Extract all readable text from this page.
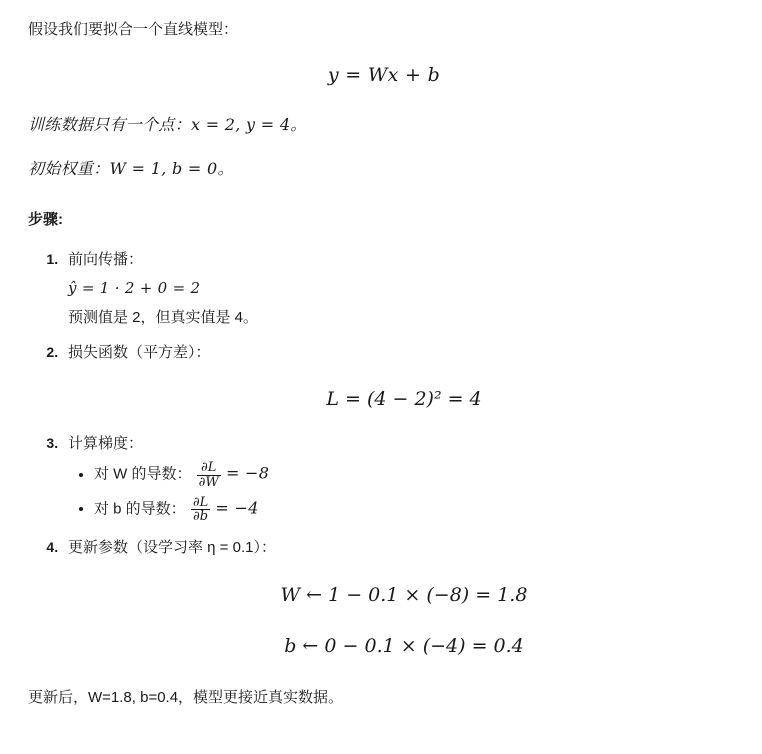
假设我们要拟合一个直线模型：

y = Wx + b

训练数据只有一个点：x = 2, y = 4。

初始权重：W = 1, b = 0。

步骤:
1. 前向传播：
ŷ = 1 · 2 + 0 = 2
预测值是 2，但真实值是 4。
2. 损失函数（平方差）：
L = (4 − 2)² = 4
3. 计算梯度：
• 对 W 的导数： $\frac{\partial L}{\partial W} = -8$
• 对 b 的导数： $\frac{\partial L}{\partial b} = -4$
4. 更新参数（设学习率 η = 0.1）：
W ← 1 − 0.1 × (−8) = 1.8
b ← 0 − 0.1 × (−4) = 0.4

更新后，W=1.8, b=0.4，模型更接近真实数据。
